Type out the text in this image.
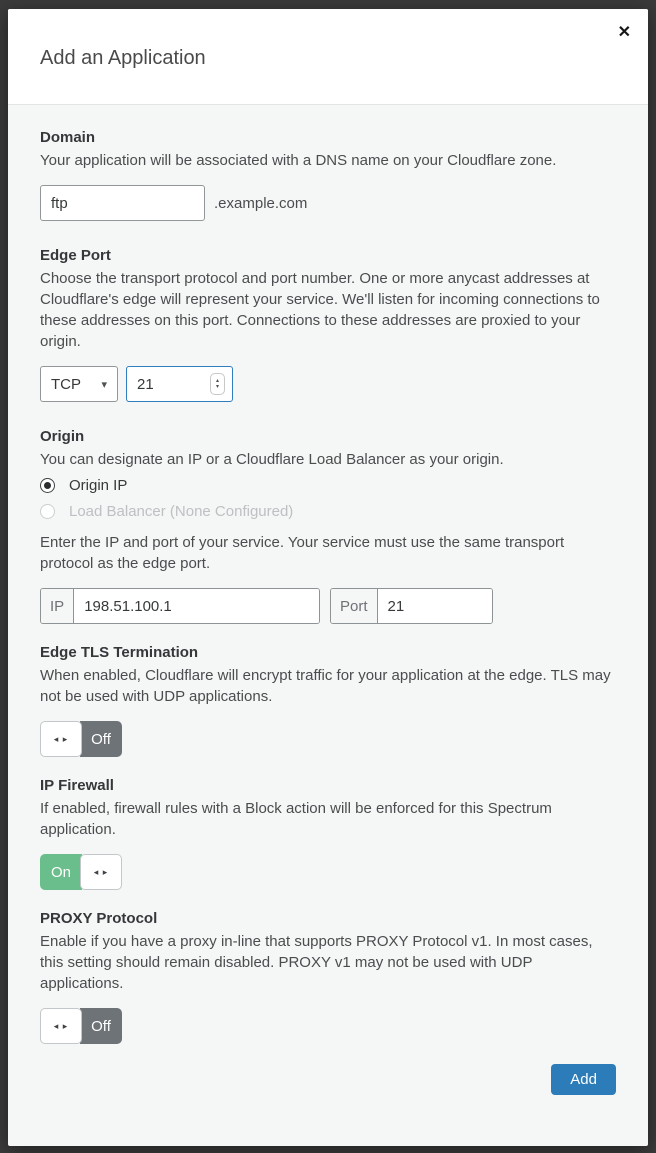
Add an Application
✕
Domain

Your application will be associated with a DNS name on your Cloudflare zone.

ftp
.example.com
Edge Port

Choose the transport protocol and port number. One or more anycast addresses at Cloudflare's edge will represent your service. We'll listen for incoming connections to these addresses on this port. Connections to these addresses are proxied to your origin.

TCP ▾
21	▴
▾
Origin

You can designate an IP or a Cloudflare Load Balancer as your origin.

Origin IP
Load Balancer (None Configured)

Enter the IP and port of your service. Your service must use the same transport protocol as the edge port.

IP
198.51.100.1	Port
21
Edge TLS Termination

When enabled, Cloudflare will encrypt traffic for your application at the edge. TLS may not be used with UDP applications.

◂ ▸	Off
IP Firewall

If enabled, firewall rules with a Block action will be enforced for this Spectrum application.

On	◂ ▸
PROXY Protocol

Enable if you have a proxy in-line that supports PROXY Protocol v1. In most cases, this setting should remain disabled. PROXY v1 may not be used with UDP applications.

◂ ▸	Off
Add
